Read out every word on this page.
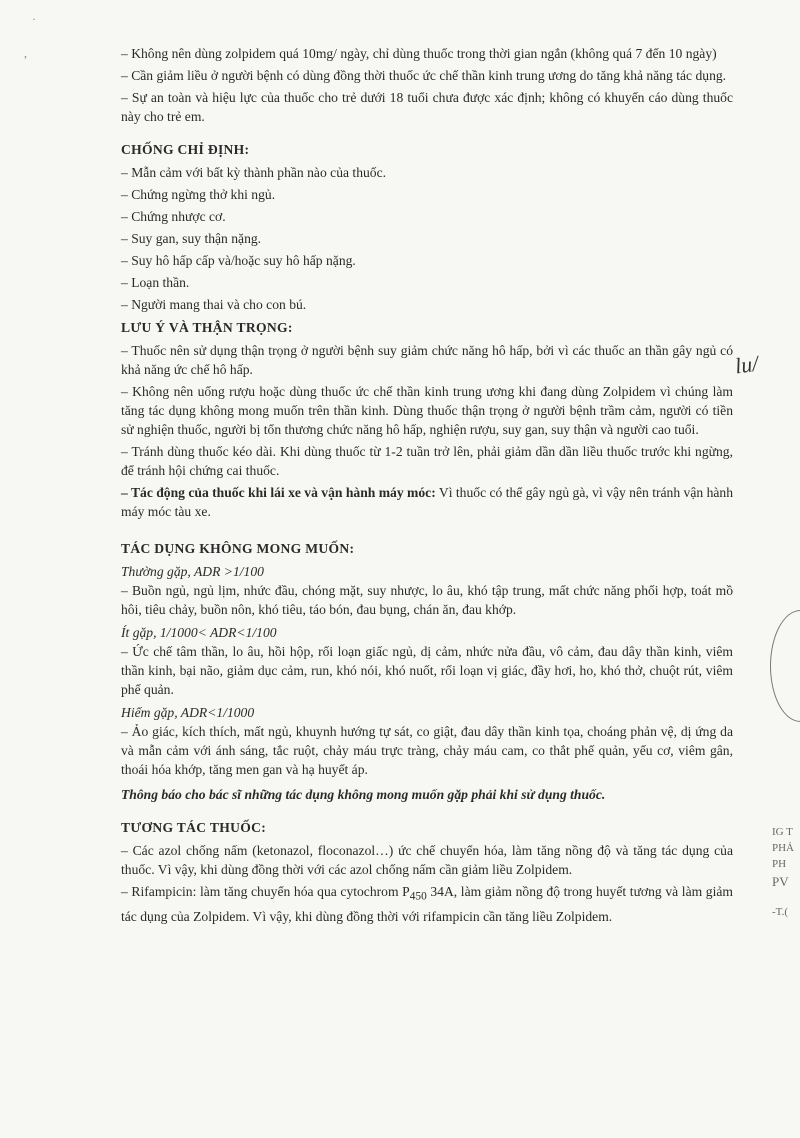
– Không nên dùng zolpidem quá 10mg/ ngày, chỉ dùng thuốc trong thời gian ngắn (không quá 7 đến 10 ngày)

– Cần giảm liều ở người bệnh có dùng đồng thời thuốc ức chế thần kinh trung ương do tăng khả năng tác dụng.

– Sự an toàn và hiệu lực của thuốc cho trẻ dưới 18 tuổi chưa được xác định; không có khuyến cáo dùng thuốc này cho trẻ em.

CHỐNG CHỈ ĐỊNH:
– Mẫn cảm với bất kỳ thành phần nào của thuốc.
– Chứng ngừng thở khi ngủ.
– Chứng nhược cơ.
– Suy gan, suy thận nặng.
– Suy hô hấp cấp và/hoặc suy hô hấp nặng.
– Loạn thần.
– Người mang thai và cho con bú.
LƯU Ý VÀ THẬN TRỌNG:

– Thuốc nên sử dụng thận trọng ở người bệnh suy giảm chức năng hô hấp, bởi vì các thuốc an thần gây ngủ có khả năng ức chế hô hấp.

– Không nên uống rượu hoặc dùng thuốc ức chế thần kinh trung ương khi đang dùng Zolpidem vì chúng làm tăng tác dụng không mong muốn trên thần kinh. Dùng thuốc thận trọng ở người bệnh trầm cảm, người có tiền sử nghiện thuốc, người bị tổn thương chức năng hô hấp, nghiện rượu, suy gan, suy thận và người cao tuổi.

– Tránh dùng thuốc kéo dài. Khi dùng thuốc từ 1-2 tuần trở lên, phải giảm dần dần liều thuốc trước khi ngừng, để tránh hội chứng cai thuốc.

– Tác động của thuốc khi lái xe và vận hành máy móc: Vì thuốc có thể gây ngủ gà, vì vậy nên tránh vận hành máy móc tàu xe.

TÁC DỤNG KHÔNG MONG MUỐN:
Thường gặp, ADR >1/100

– Buồn ngủ, ngủ lịm, nhức đầu, chóng mặt, suy nhược, lo âu, khó tập trung, mất chức năng phối hợp, toát mồ hôi, tiêu chảy, buồn nôn, khó tiêu, táo bón, đau bụng, chán ăn, đau khớp.

Ít gặp, 1/1000< ADR<1/100

– Ức chế tâm thần, lo âu, hồi hộp, rối loạn giấc ngủ, dị cảm, nhức nửa đầu, vô cảm, đau dây thần kinh, viêm thần kinh, bại não, giảm dục cảm, run, khó nói, khó nuốt, rối loạn vị giác, đầy hơi, ho, khó thở, chuột rút, viêm phế quản.

Hiếm gặp, ADR<1/1000

– Ảo giác, kích thích, mất ngủ, khuynh hướng tự sát, co giật, đau dây thần kinh tọa, choáng phản vệ, dị ứng da và mẫn cảm với ánh sáng, tắc ruột, chảy máu trực tràng, chảy máu cam, co thắt phế quản, yếu cơ, viêm gân, thoái hóa khớp, tăng men gan và hạ huyết áp.

Thông báo cho bác sĩ những tác dụng không mong muốn gặp phải khi sử dụng thuốc.

TƯƠNG TÁC THUỐC:

– Các azol chống nấm (ketonazol, floconazol…) ức chế chuyển hóa, làm tăng nồng độ và tăng tác dụng của thuốc. Vì vậy, khi dùng đồng thời với các azol chống nấm cần giảm liều Zolpidem.

– Rifampicin: làm tăng chuyển hóa qua cytochrom $P_{450}$ 34A, làm giảm nồng độ trong huyết tương và làm giảm tác dụng của Zolpidem. Vì vậy, khi dùng đồng thời với rifampicin cần tăng liều Zolpidem.

lu/
IG T
PHẢ
PH
PV
-T.(
·
,
